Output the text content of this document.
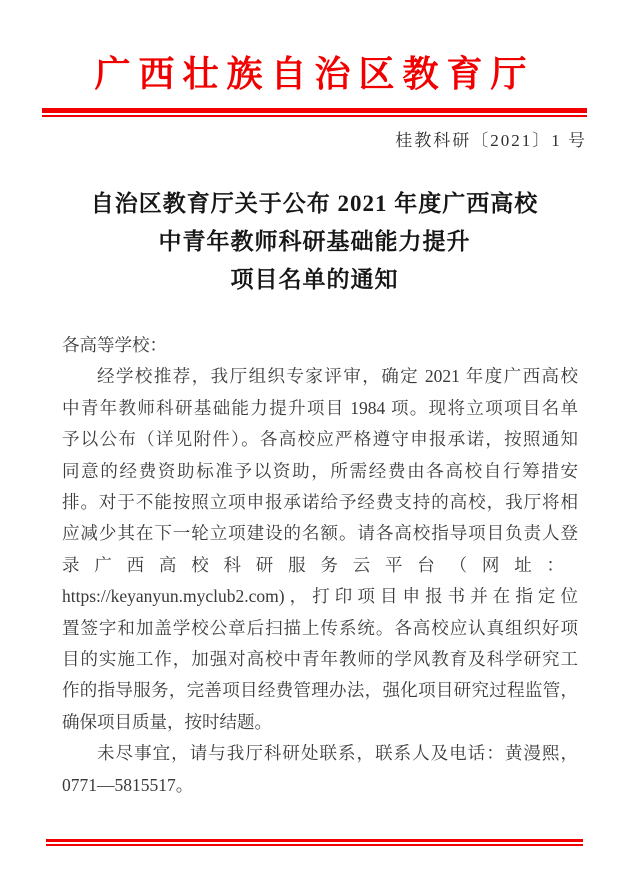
广西壮族自治区教育厅
桂教科研〔2021〕1 号
自治区教育厅关于公布 2021 年度广西高校
中青年教师科研基础能力提升
项目名单的通知
各高等学校：
经学校推荐，我厅组织专家评审，确定 2021 年度广西高校
中青年教师科研基础能力提升项目 1984 项。现将立项项目名单
予以公布（详见附件）。各高校应严格遵守申报承诺，按照通知
同意的经费资助标准予以资助，所需经费由各高校自行筹措安
排。对于不能按照立项申报承诺给予经费支持的高校，我厅将相
应减少其在下一轮立项建设的名额。请各高校指导项目负责人登
录广西高校科研服务云平台（网址：
https://keyanyun.myclub2.com)，打印项目申报书并在指定位
置签字和加盖学校公章后扫描上传系统。各高校应认真组织好项
目的实施工作，加强对高校中青年教师的学风教育及科学研究工
作的指导服务，完善项目经费管理办法，强化项目研究过程监管，
确保项目质量，按时结题。
未尽事宜，请与我厅科研处联系，联系人及电话：黄漫熙，
0771—5815517。
